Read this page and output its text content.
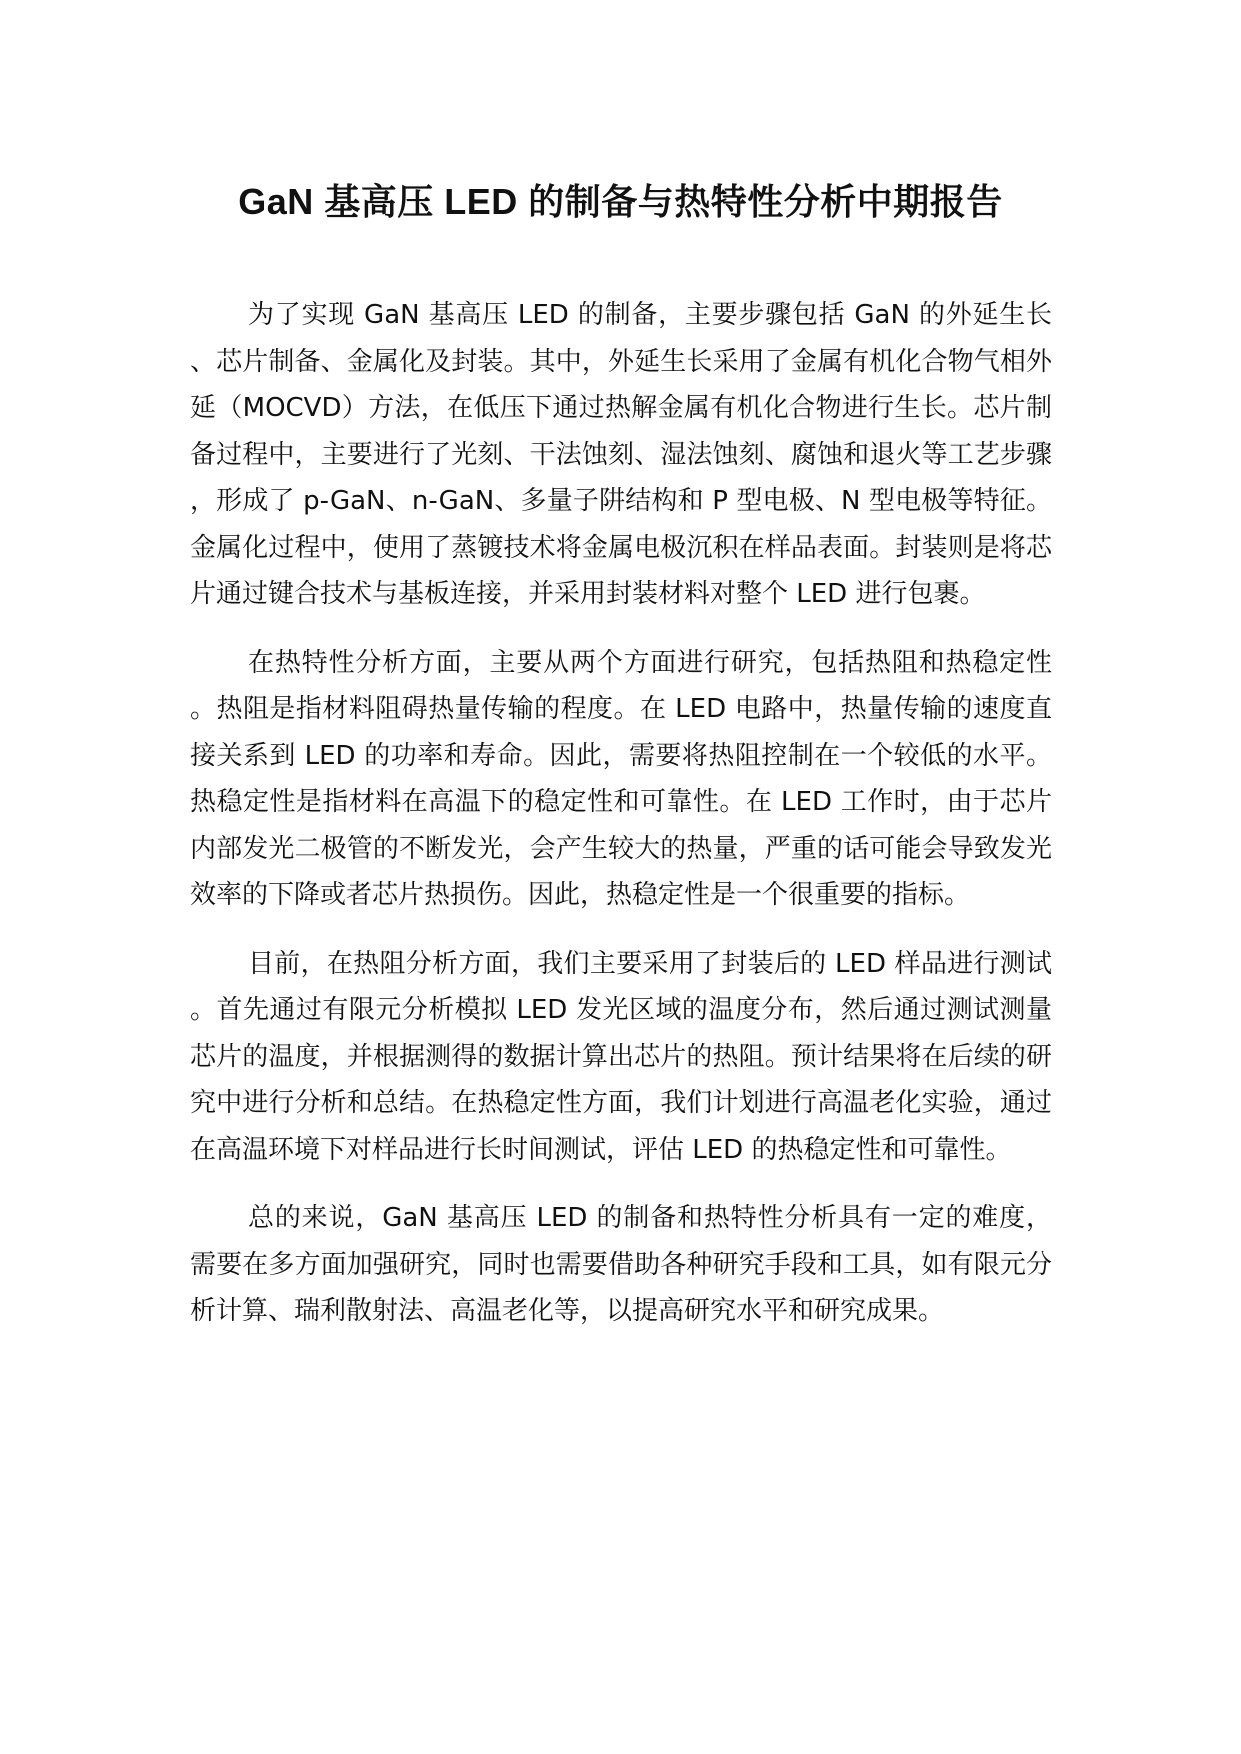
GaN 基高压 LED 的制备与热特性分析中期报告

为了实现 GaN 基高压 LED 的制备，主要步骤包括 GaN 的外延生长、芯片制备、金属化及封装。其中，外延生长采用了金属有机化合物气相外延（MOCVD）方法，在低压下通过热解金属有机化合物进行生长。芯片制备过程中，主要进行了光刻、干法蚀刻、湿法蚀刻、腐蚀和退火等工艺步骤，形成了 p-GaN、n-GaN、多量子阱结构和 P 型电极、N 型电极等特征。金属化过程中，使用了蒸镀技术将金属电极沉积在样品表面。封装则是将芯片通过键合技术与基板连接，并采用封装材料对整个 LED 进行包裹。

在热特性分析方面，主要从两个方面进行研究，包括热阻和热稳定性。热阻是指材料阻碍热量传输的程度。在 LED 电路中，热量传输的速度直接关系到 LED 的功率和寿命。因此，需要将热阻控制在一个较低的水平。热稳定性是指材料在高温下的稳定性和可靠性。在 LED 工作时，由于芯片内部发光二极管的不断发光，会产生较大的热量，严重的话可能会导致发光效率的下降或者芯片热损伤。因此，热稳定性是一个很重要的指标。

目前，在热阻分析方面，我们主要采用了封装后的 LED 样品进行测试。首先通过有限元分析模拟 LED 发光区域的温度分布，然后通过测试测量芯片的温度，并根据测得的数据计算出芯片的热阻。预计结果将在后续的研究中进行分析和总结。在热稳定性方面，我们计划进行高温老化实验，通过在高温环境下对样品进行长时间测试，评估 LED 的热稳定性和可靠性。

总的来说，GaN 基高压 LED 的制备和热特性分析具有一定的难度，需要在多方面加强研究，同时也需要借助各种研究手段和工具，如有限元分析计算、瑞利散射法、高温老化等，以提高研究水平和研究成果。
